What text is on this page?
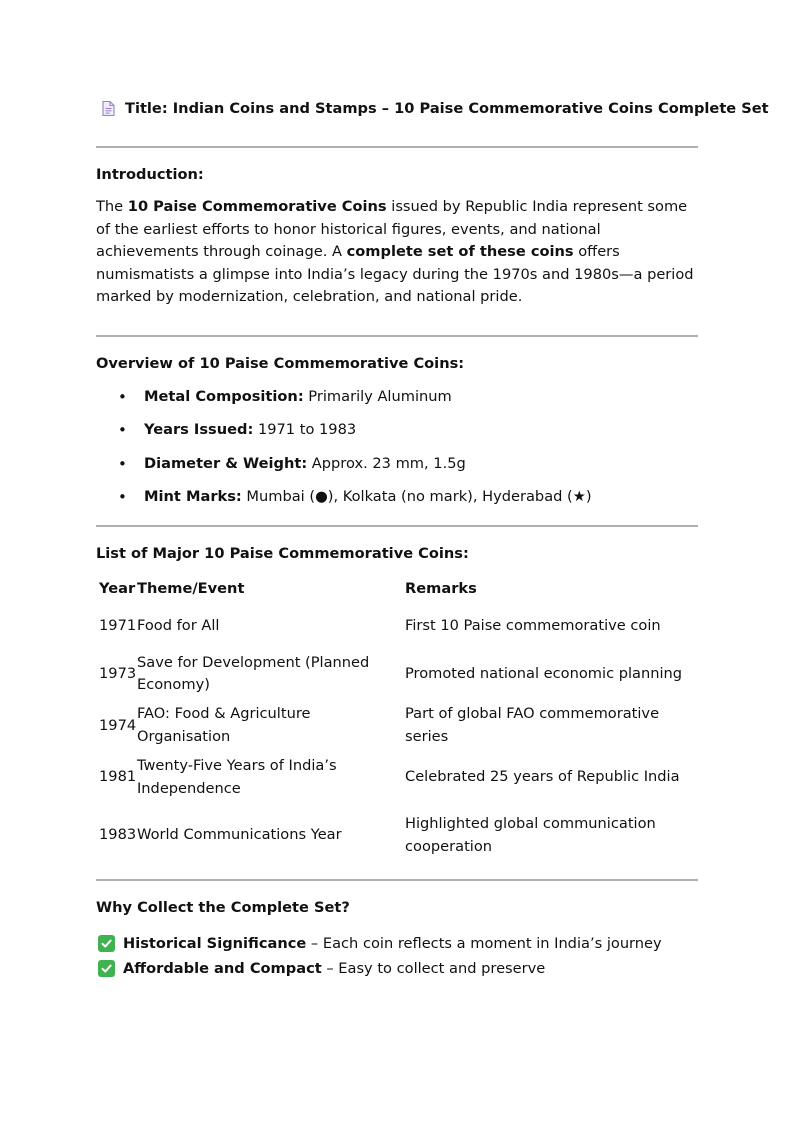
Title: Indian Coins and Stamps – 10 Paise Commemorative Coins Complete Set
Introduction:

The 10 Paise Commemorative Coins issued by Republic India represent some of the earliest efforts to honor historical figures, events, and national achievements through coinage. A complete set of these coins offers numismatists a glimpse into India’s legacy during the 1970s and 1980s—a period marked by modernization, celebration, and national pride.

Overview of 10 Paise Commemorative Coins:
• Metal Composition: Primarily Aluminum
• Years Issued: 1971 to 1983
• Diameter & Weight: Approx. 23 mm, 1.5g
• Mint Marks: Mumbai (●), Kolkata (no mark), Hyderabad (★)
List of Major 10 Paise Commemorative Coins:
Year	Theme/Event	Remarks
1971	Food for All	First 10 Paise commemorative coin
1973	Save for Development (Planned Economy)	Promoted national economic planning
1974	FAO: Food & Agriculture Organisation	Part of global FAO commemorative series
1981	Twenty-Five Years of India’s Independence	Celebrated 25 years of Republic India
1983	World Communications Year	Highlighted global communication cooperation
Why Collect the Complete Set?
Historical Significance – Each coin reflects a moment in India’s journey
Affordable and Compact – Easy to collect and preserve
